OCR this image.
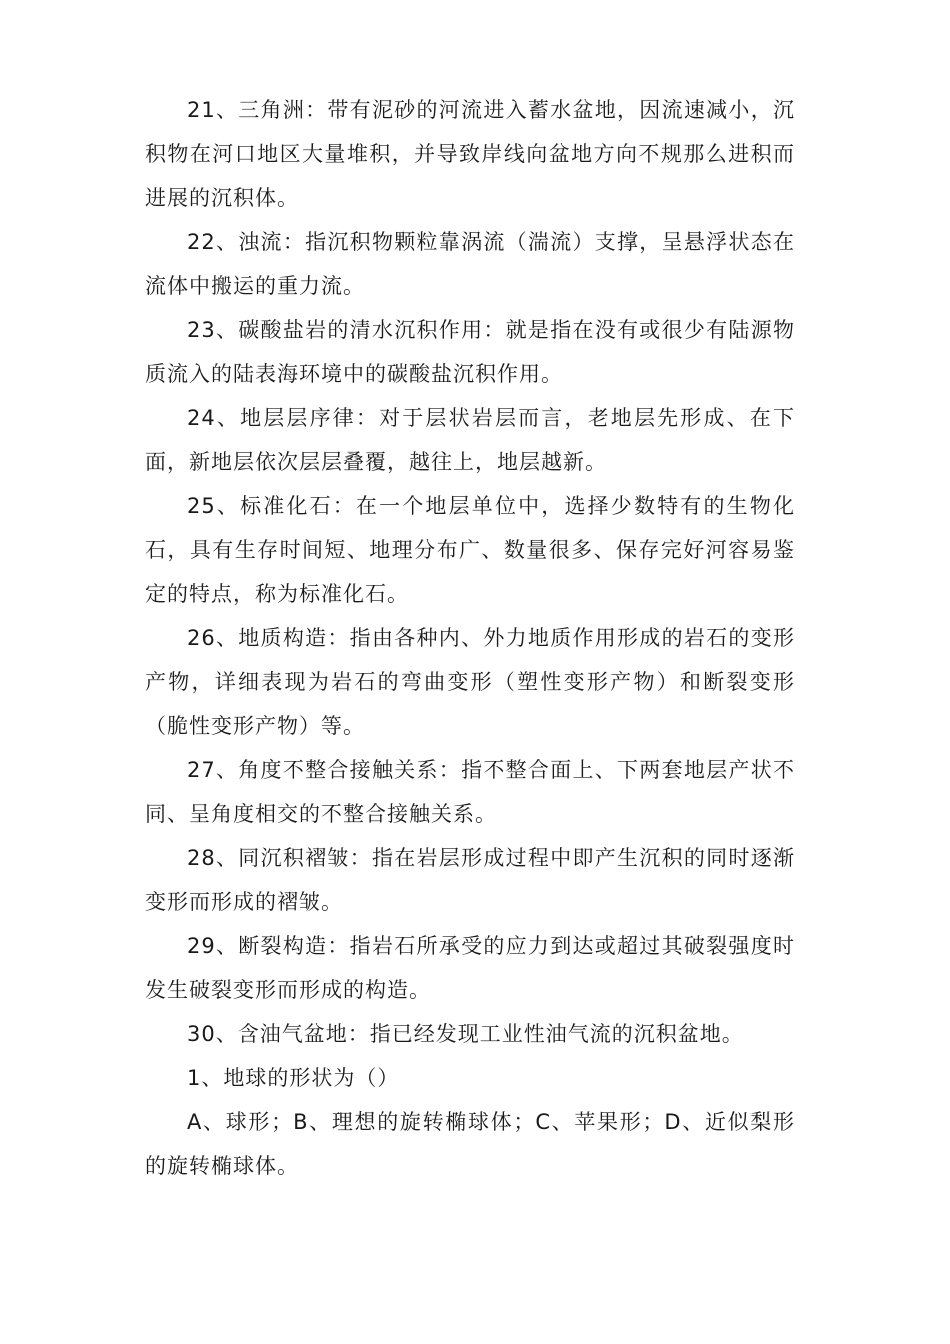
21、三角洲：带有泥砂的河流进入蓄水盆地，因流速减小，沉积物在河口地区大量堆积，并导致岸线向盆地方向不规那么进积而进展的沉积体。

22、浊流：指沉积物颗粒靠涡流（湍流）支撑，呈悬浮状态在流体中搬运的重力流。

23、碳酸盐岩的清水沉积作用：就是指在没有或很少有陆源物质流入的陆表海环境中的碳酸盐沉积作用。

24、地层层序律：对于层状岩层而言，老地层先形成、在下面，新地层依次层层叠覆，越往上，地层越新。

25、标准化石：在一个地层单位中，选择少数特有的生物化石，具有生存时间短、地理分布广、数量很多、保存完好河容易鉴定的特点，称为标准化石。

26、地质构造：指由各种内、外力地质作用形成的岩石的变形产物，详细表现为岩石的弯曲变形（塑性变形产物）和断裂变形（脆性变形产物）等。

27、角度不整合接触关系：指不整合面上、下两套地层产状不同、呈角度相交的不整合接触关系。

28、同沉积褶皱：指在岩层形成过程中即产生沉积的同时逐渐变形而形成的褶皱。

29、断裂构造：指岩石所承受的应力到达或超过其破裂强度时发生破裂变形而形成的构造。

30、含油气盆地：指已经发现工业性油气流的沉积盆地。

1、地球的形状为（）

A、球形；B、理想的旋转椭球体；C、苹果形；D、近似梨形的旋转椭球体。
